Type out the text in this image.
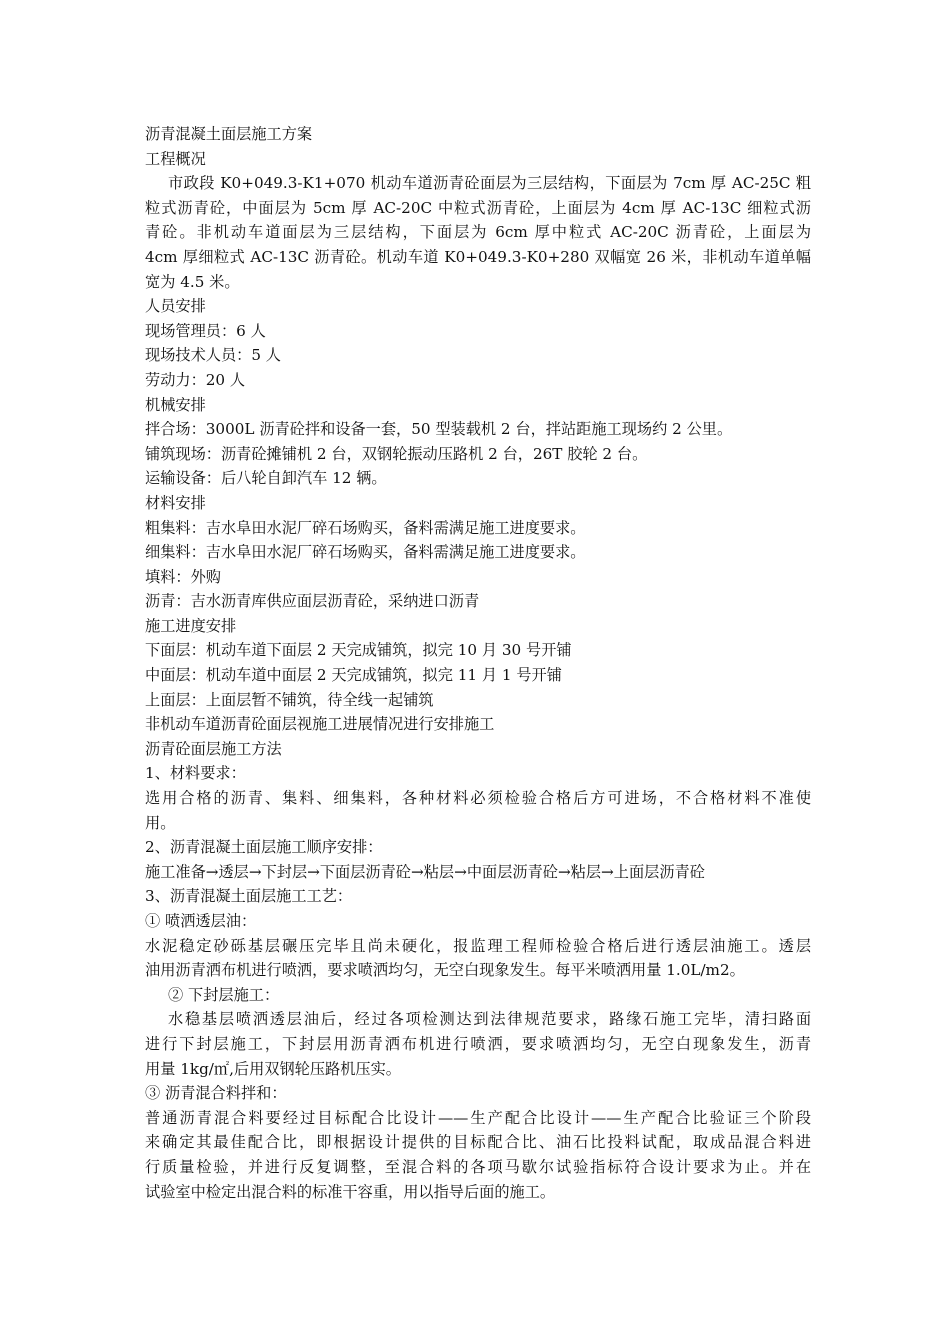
沥青混凝土面层施工方案

工程概况

市政段 K0+049.3-K1+070 机动车道沥青砼面层为三层结构，下面层为 7cm 厚 AC-25C 粗

粒式沥青砼，中面层为 5cm 厚 AC-20C 中粒式沥青砼，上面层为 4cm 厚 AC-13C 细粒式沥

青砼。非机动车道面层为三层结构，下面层为 6cm 厚中粒式 AC-20C 沥青砼，上面层为

4cm 厚细粒式 AC-13C 沥青砼。机动车道 K0+049.3-K0+280 双幅宽 26 米，非机动车道单幅

宽为 4.5 米。

人员安排

现场管理员：6 人

现场技术人员：5 人

劳动力：20 人

机械安排

拌合场：3000L 沥青砼拌和设备一套，50 型装载机 2 台，拌站距施工现场约 2 公里。

铺筑现场：沥青砼摊铺机 2 台，双钢轮振动压路机 2 台，26T 胶轮 2 台。

运输设备：后八轮自卸汽车 12 辆。

材料安排

粗集料：吉水阜田水泥厂碎石场购买，备料需满足施工进度要求。

细集料：吉水阜田水泥厂碎石场购买，备料需满足施工进度要求。

填料：外购

沥青：吉水沥青库供应面层沥青砼，采纳进口沥青

施工进度安排

下面层：机动车道下面层 2 天完成铺筑，拟完 10 月 30 号开铺

中面层：机动车道中面层 2 天完成铺筑，拟完 11 月 1 号开铺

上面层：上面层暂不铺筑，待全线一起铺筑

非机动车道沥青砼面层视施工进展情况进行安排施工

沥青砼面层施工方法

1、材料要求：

选用合格的沥青、集料、细集料，各种材料必须检验合格后方可进场，不合格材料不准使

用。

2、沥青混凝土面层施工顺序安排：

施工准备→透层→下封层→下面层沥青砼→粘层→中面层沥青砼→粘层→上面层沥青砼

3、沥青混凝土面层施工工艺：

① 喷洒透层油：

水泥稳定砂砾基层碾压完毕且尚未硬化，报监理工程师检验合格后进行透层油施工。透层

油用沥青洒布机进行喷洒，要求喷洒均匀，无空白现象发生。每平米喷洒用量 1.0L/m2。

② 下封层施工：

水稳基层喷洒透层油后，经过各项检测达到法律规范要求，路缘石施工完毕，清扫路面

进行下封层施工，下封层用沥青洒布机进行喷洒，要求喷洒均匀，无空白现象发生，沥青

用量 1kg/㎡,后用双钢轮压路机压实。

③ 沥青混合料拌和：

普通沥青混合料要经过目标配合比设计——生产配合比设计——生产配合比验证三个阶段

来确定其最佳配合比，即根据设计提供的目标配合比、油石比投料试配，取成品混合料进

行质量检验，并进行反复调整，至混合料的各项马歇尔试验指标符合设计要求为止。并在

试验室中检定出混合料的标准干容重，用以指导后面的施工。
